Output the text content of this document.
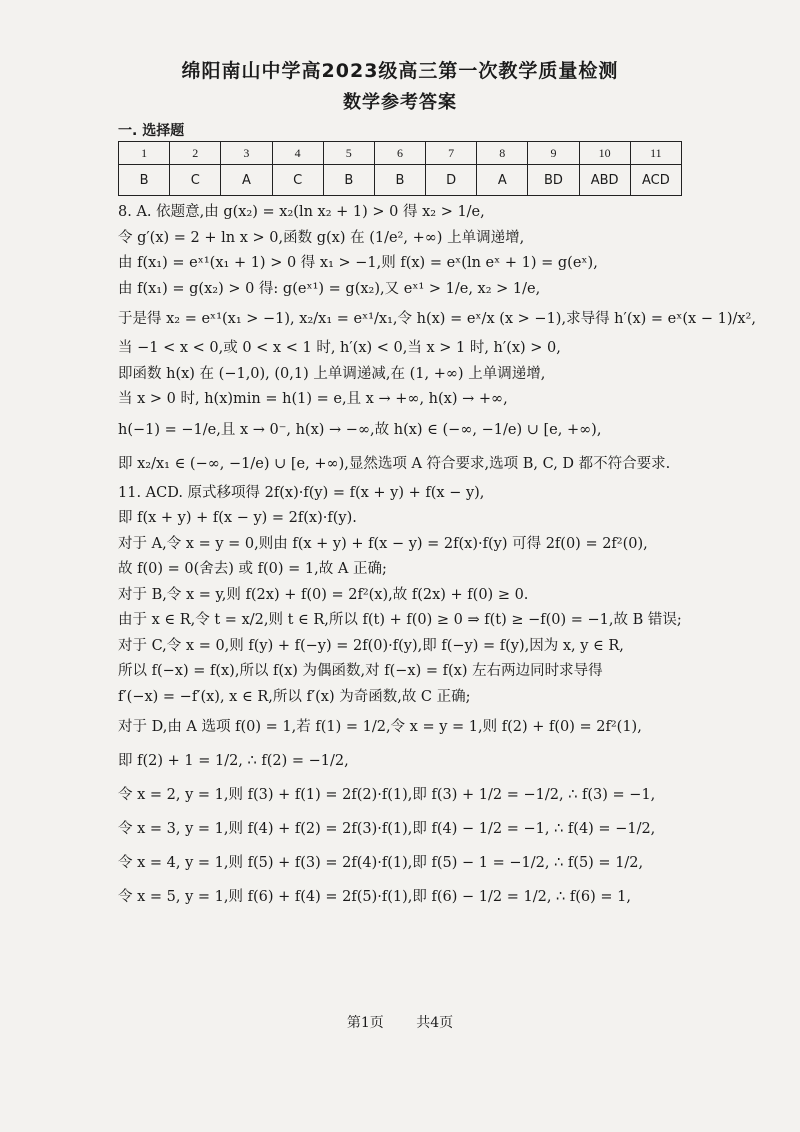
绵阳南山中学高2023级高三第一次教学质量检测
数学参考答案
一. 选择题
1	2	3	4	5	6	7	8	9	10	11
B	C	A	C	B	B	D	A	BD	ABD	ACD
8. A. 依题意,由 g(x₂) = x₂(ln x₂ + 1) > 0 得 x₂ > 1/e,
令 g′(x) = 2 + ln x > 0,函数 g(x) 在 (1/e², +∞) 上单调递增,
由 f(x₁) = eˣ¹(x₁ + 1) > 0 得 x₁ > −1,则 f(x) = eˣ(ln eˣ + 1) = g(eˣ),
由 f(x₁) = g(x₂) > 0 得: g(eˣ¹) = g(x₂),又 eˣ¹ > 1/e, x₂ > 1/e,
于是得 x₂ = eˣ¹(x₁ > −1), x₂/x₁ = eˣ¹/x₁,令 h(x) = eˣ/x (x > −1),求导得 h′(x) = eˣ(x − 1)/x²,
当 −1 < x < 0,或 0 < x < 1 时, h′(x) < 0,当 x > 1 时, h′(x) > 0,
即函数 h(x) 在 (−1,0), (0,1) 上单调递减,在 (1, +∞) 上单调递增,
当 x > 0 时, h(x)min = h(1) = e,且 x → +∞, h(x) → +∞,
h(−1) = −1/e,且 x → 0⁻, h(x) → −∞,故 h(x) ∈ (−∞, −1/e) ∪ [e, +∞),
即 x₂/x₁ ∈ (−∞, −1/e) ∪ [e, +∞),显然选项 A 符合要求,选项 B, C, D 都不符合要求.
11. ACD. 原式移项得 2f(x)·f(y) = f(x + y) + f(x − y),
即 f(x + y) + f(x − y) = 2f(x)·f(y).
对于 A,令 x = y = 0,则由 f(x + y) + f(x − y) = 2f(x)·f(y) 可得 2f(0) = 2f²(0),
故 f(0) = 0(舍去) 或 f(0) = 1,故 A 正确;
对于 B,令 x = y,则 f(2x) + f(0) = 2f²(x),故 f(2x) + f(0) ≥ 0.
由于 x ∈ R,令 t = x/2,则 t ∈ R,所以 f(t) + f(0) ≥ 0 ⇒ f(t) ≥ −f(0) = −1,故 B 错误;
对于 C,令 x = 0,则 f(y) + f(−y) = 2f(0)·f(y),即 f(−y) = f(y),因为 x, y ∈ R,
所以 f(−x) = f(x),所以 f(x) 为偶函数,对 f(−x) = f(x) 左右两边同时求导得
f′(−x) = −f′(x), x ∈ R,所以 f′(x) 为奇函数,故 C 正确;
对于 D,由 A 选项 f(0) = 1,若 f(1) = 1/2,令 x = y = 1,则 f(2) + f(0) = 2f²(1),
即 f(2) + 1 = 1/2, ∴ f(2) = −1/2,
令 x = 2, y = 1,则 f(3) + f(1) = 2f(2)·f(1),即 f(3) + 1/2 = −1/2, ∴ f(3) = −1,
令 x = 3, y = 1,则 f(4) + f(2) = 2f(3)·f(1),即 f(4) − 1/2 = −1, ∴ f(4) = −1/2,
令 x = 4, y = 1,则 f(5) + f(3) = 2f(4)·f(1),即 f(5) − 1 = −1/2, ∴ f(5) = 1/2,
令 x = 5, y = 1,则 f(6) + f(4) = 2f(5)·f(1),即 f(6) − 1/2 = 1/2, ∴ f(6) = 1,
第1页 共4页
